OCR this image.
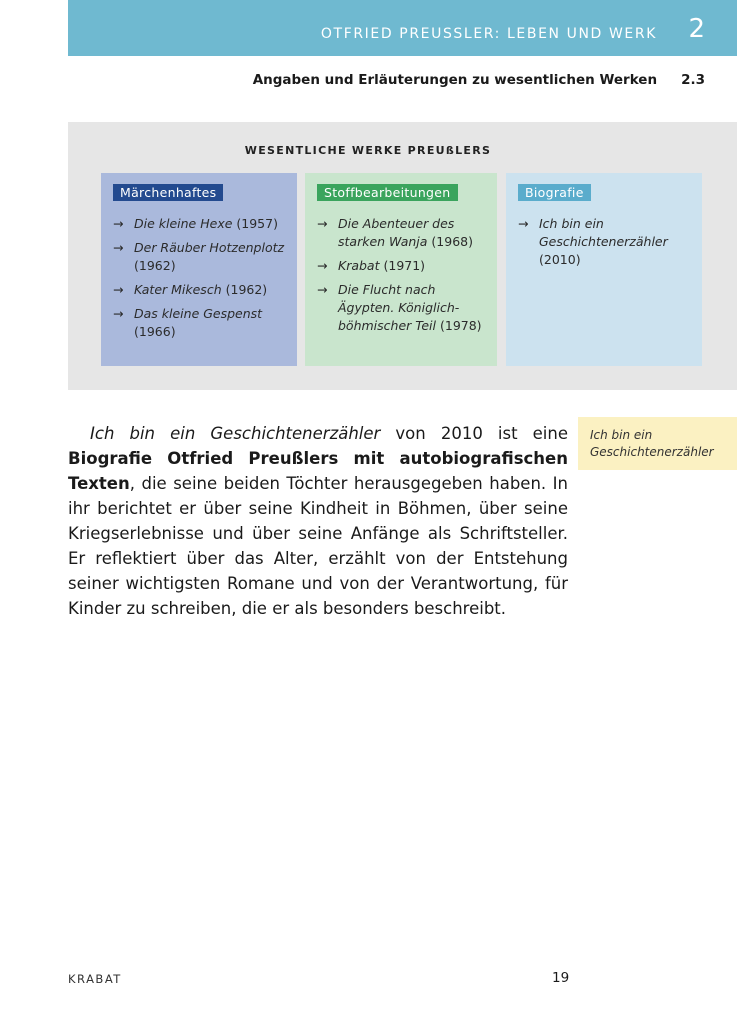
OTFRIED PREUSSLER: LEBEN UND WERK 2
Angaben und Erläuterungen zu wesentlichen Werken 2.3
WESENTLICHE WERKE PREUßLERS
Märchenhaftes
→ Die kleine Hexe (1957)
→ Der Räuber Hotzenplotz (1962)
→ Kater Mikesch (1962)
→ Das kleine Gespenst (1966)
Stoffbearbeitungen
→ Die Abenteuer des starken Wanja (1968)
→ Krabat (1971)
→ Die Flucht nach Ägypten. Königlich-böhmischer Teil (1978)
Biografie
→ Ich bin ein Geschichtenerzähler (2010)

Ich bin ein Geschichtenerzähler von 2010 ist eine Biografie Otfried Preußlers mit autobiografischen Texten, die seine beiden Töchter herausgegeben haben. In ihr berichtet er über seine Kindheit in Böhmen, über seine Kriegserlebnisse und über seine Anfänge als Schriftsteller. Er reflektiert über das Alter, erzählt von der Entstehung seiner wichtigsten Romane und von der Verantwortung, für Kinder zu schreiben, die er als besonders beschreibt.

Ich bin ein Geschichtenerzähler
KRABAT	19
